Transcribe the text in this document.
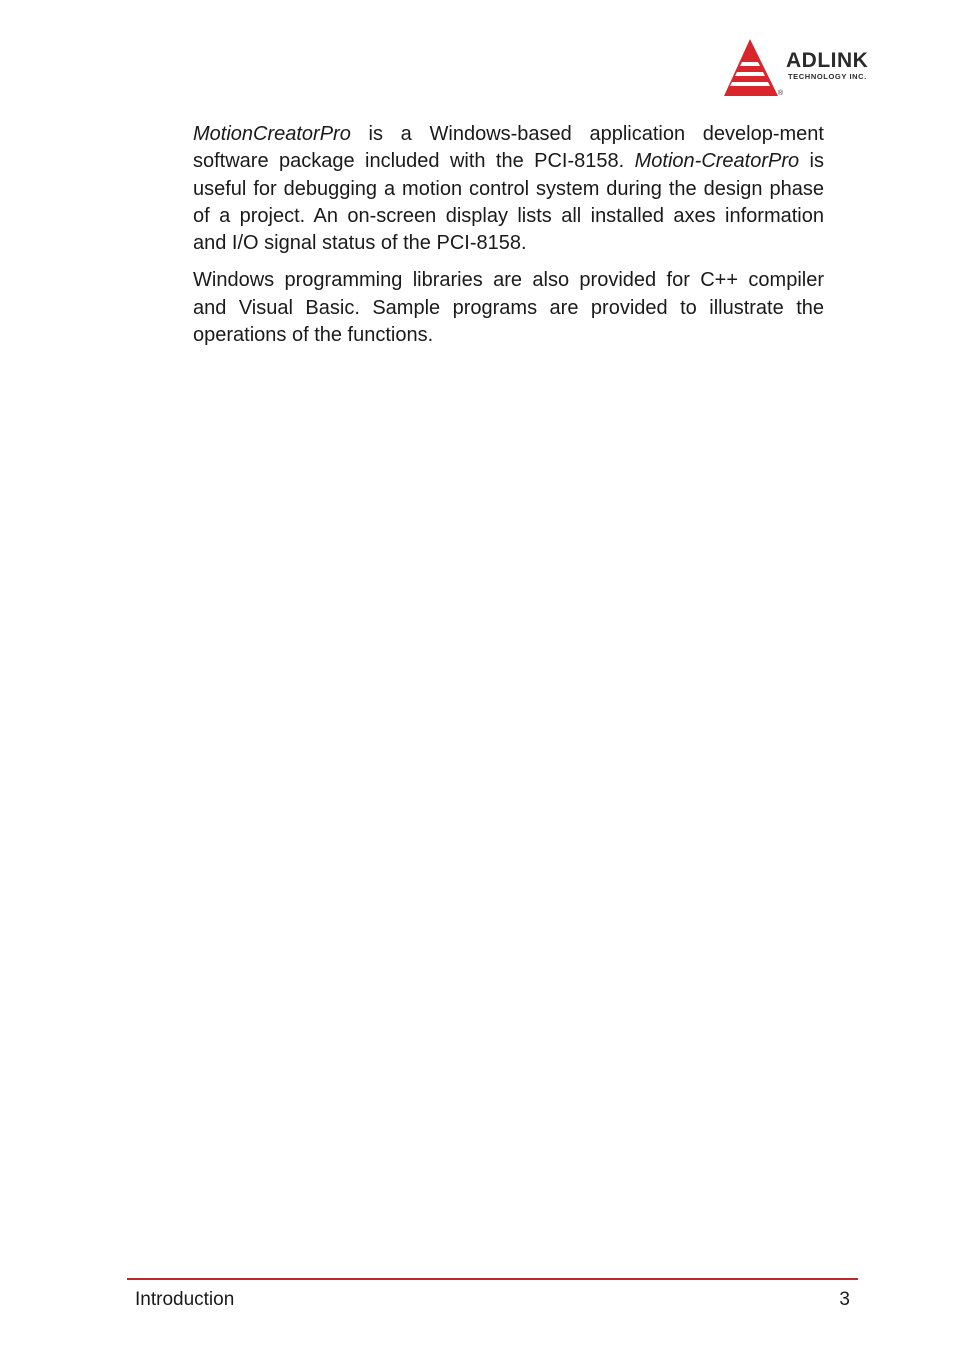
ADLINK
TECHNOLOGY INC.
®

MotionCreatorPro is a Windows-based application develop-ment software package included with the PCI-8158. Motion-CreatorPro is useful for debugging a motion control system during the design phase of a project. An on-screen display lists all installed axes information and I/O signal status of the PCI-8158.

Windows programming libraries are also provided for C++ compiler and Visual Basic. Sample programs are provided to illustrate the operations of the functions.

Introduction	3
